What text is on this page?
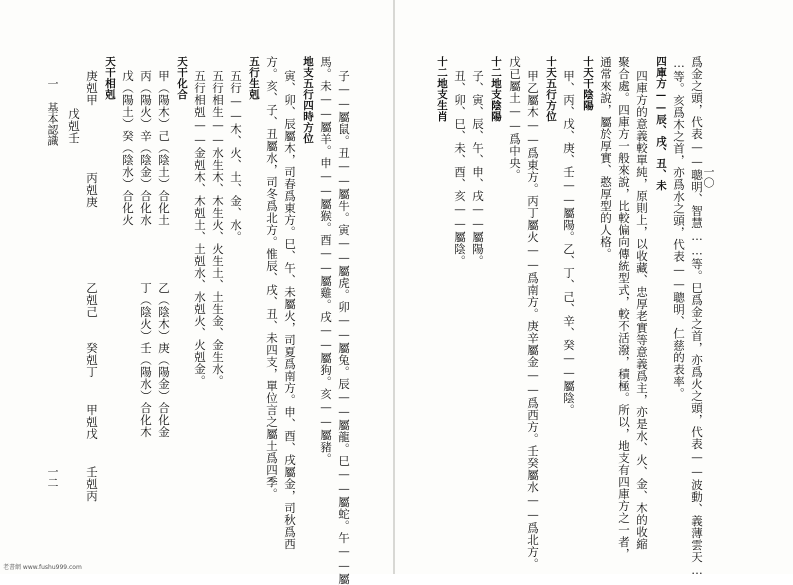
一〇
爲金之頭，代表——聰明、智慧……等。巳爲金之首，亦爲火之頭，代表——波動、義薄雲天…
…等。亥爲木之首，亦爲水之頭，代表——聰明、仁慈的表率。
四庫方——辰、戌、丑、未
四庫方的意義較單純，原則上，以收藏、忠厚老實等意義爲主，亦是水、火、金、木的收縮
聚合處。四庫方一般來說，比較偏向傳統型式，較不活潑，積極。所以，地支有四庫方之一者，
通常來說，屬於厚實、憨厚型的人格。
十天干陰陽
甲、丙、戊、庚、壬——屬陽。乙、丁、己、辛、癸——屬陰。
十天五行方位
甲乙屬木——爲東方。丙丁屬火——爲南方。庚辛屬金——爲西方。壬癸屬水——爲北方。
戊已屬土——爲中央。
十二地支陰陽
子、寅、辰、午、申、戌——屬陽。
丑、卯、巳、未、酉、亥——屬陰。
十二地支生肖
子——屬鼠。丑——屬牛。寅——屬虎。卯——屬兔。辰——屬龍。巳——屬蛇。午——屬
馬。未——屬羊。申——屬猴。酉——屬雞。戌——屬狗。亥——屬豬。
地支五行四時方位
寅、卯、辰屬木，司春爲東方。巳、午、未屬火，司夏爲南方。申、酉、戌屬金，司秋爲西
方。亥、子、丑屬水，司冬爲北方。惟辰、戌、丑、未四支，單位言之屬土爲四季。
五行生剋
五行——木、火、土、金、水。
五行相生——水生木、木生火、火生土、土生金、金生水。
五行相剋——金剋木、木剋土、土剋水、水剋火、火剋金。
天干化合
甲（陽木）己（陰土）合化土
丙（陽火）辛（陰金）合化水
戊（陽土）癸（陰水）合化火
乙（陰木）庚（陽金）合化金
丁（陰火）壬（陽水）合化木
天干相剋
庚剋甲
丙剋庚
乙剋己
癸剋丁
甲剋戊
壬剋丙
戊剋壬
一 基本認識
一二
老書網 www.fushu999.com
